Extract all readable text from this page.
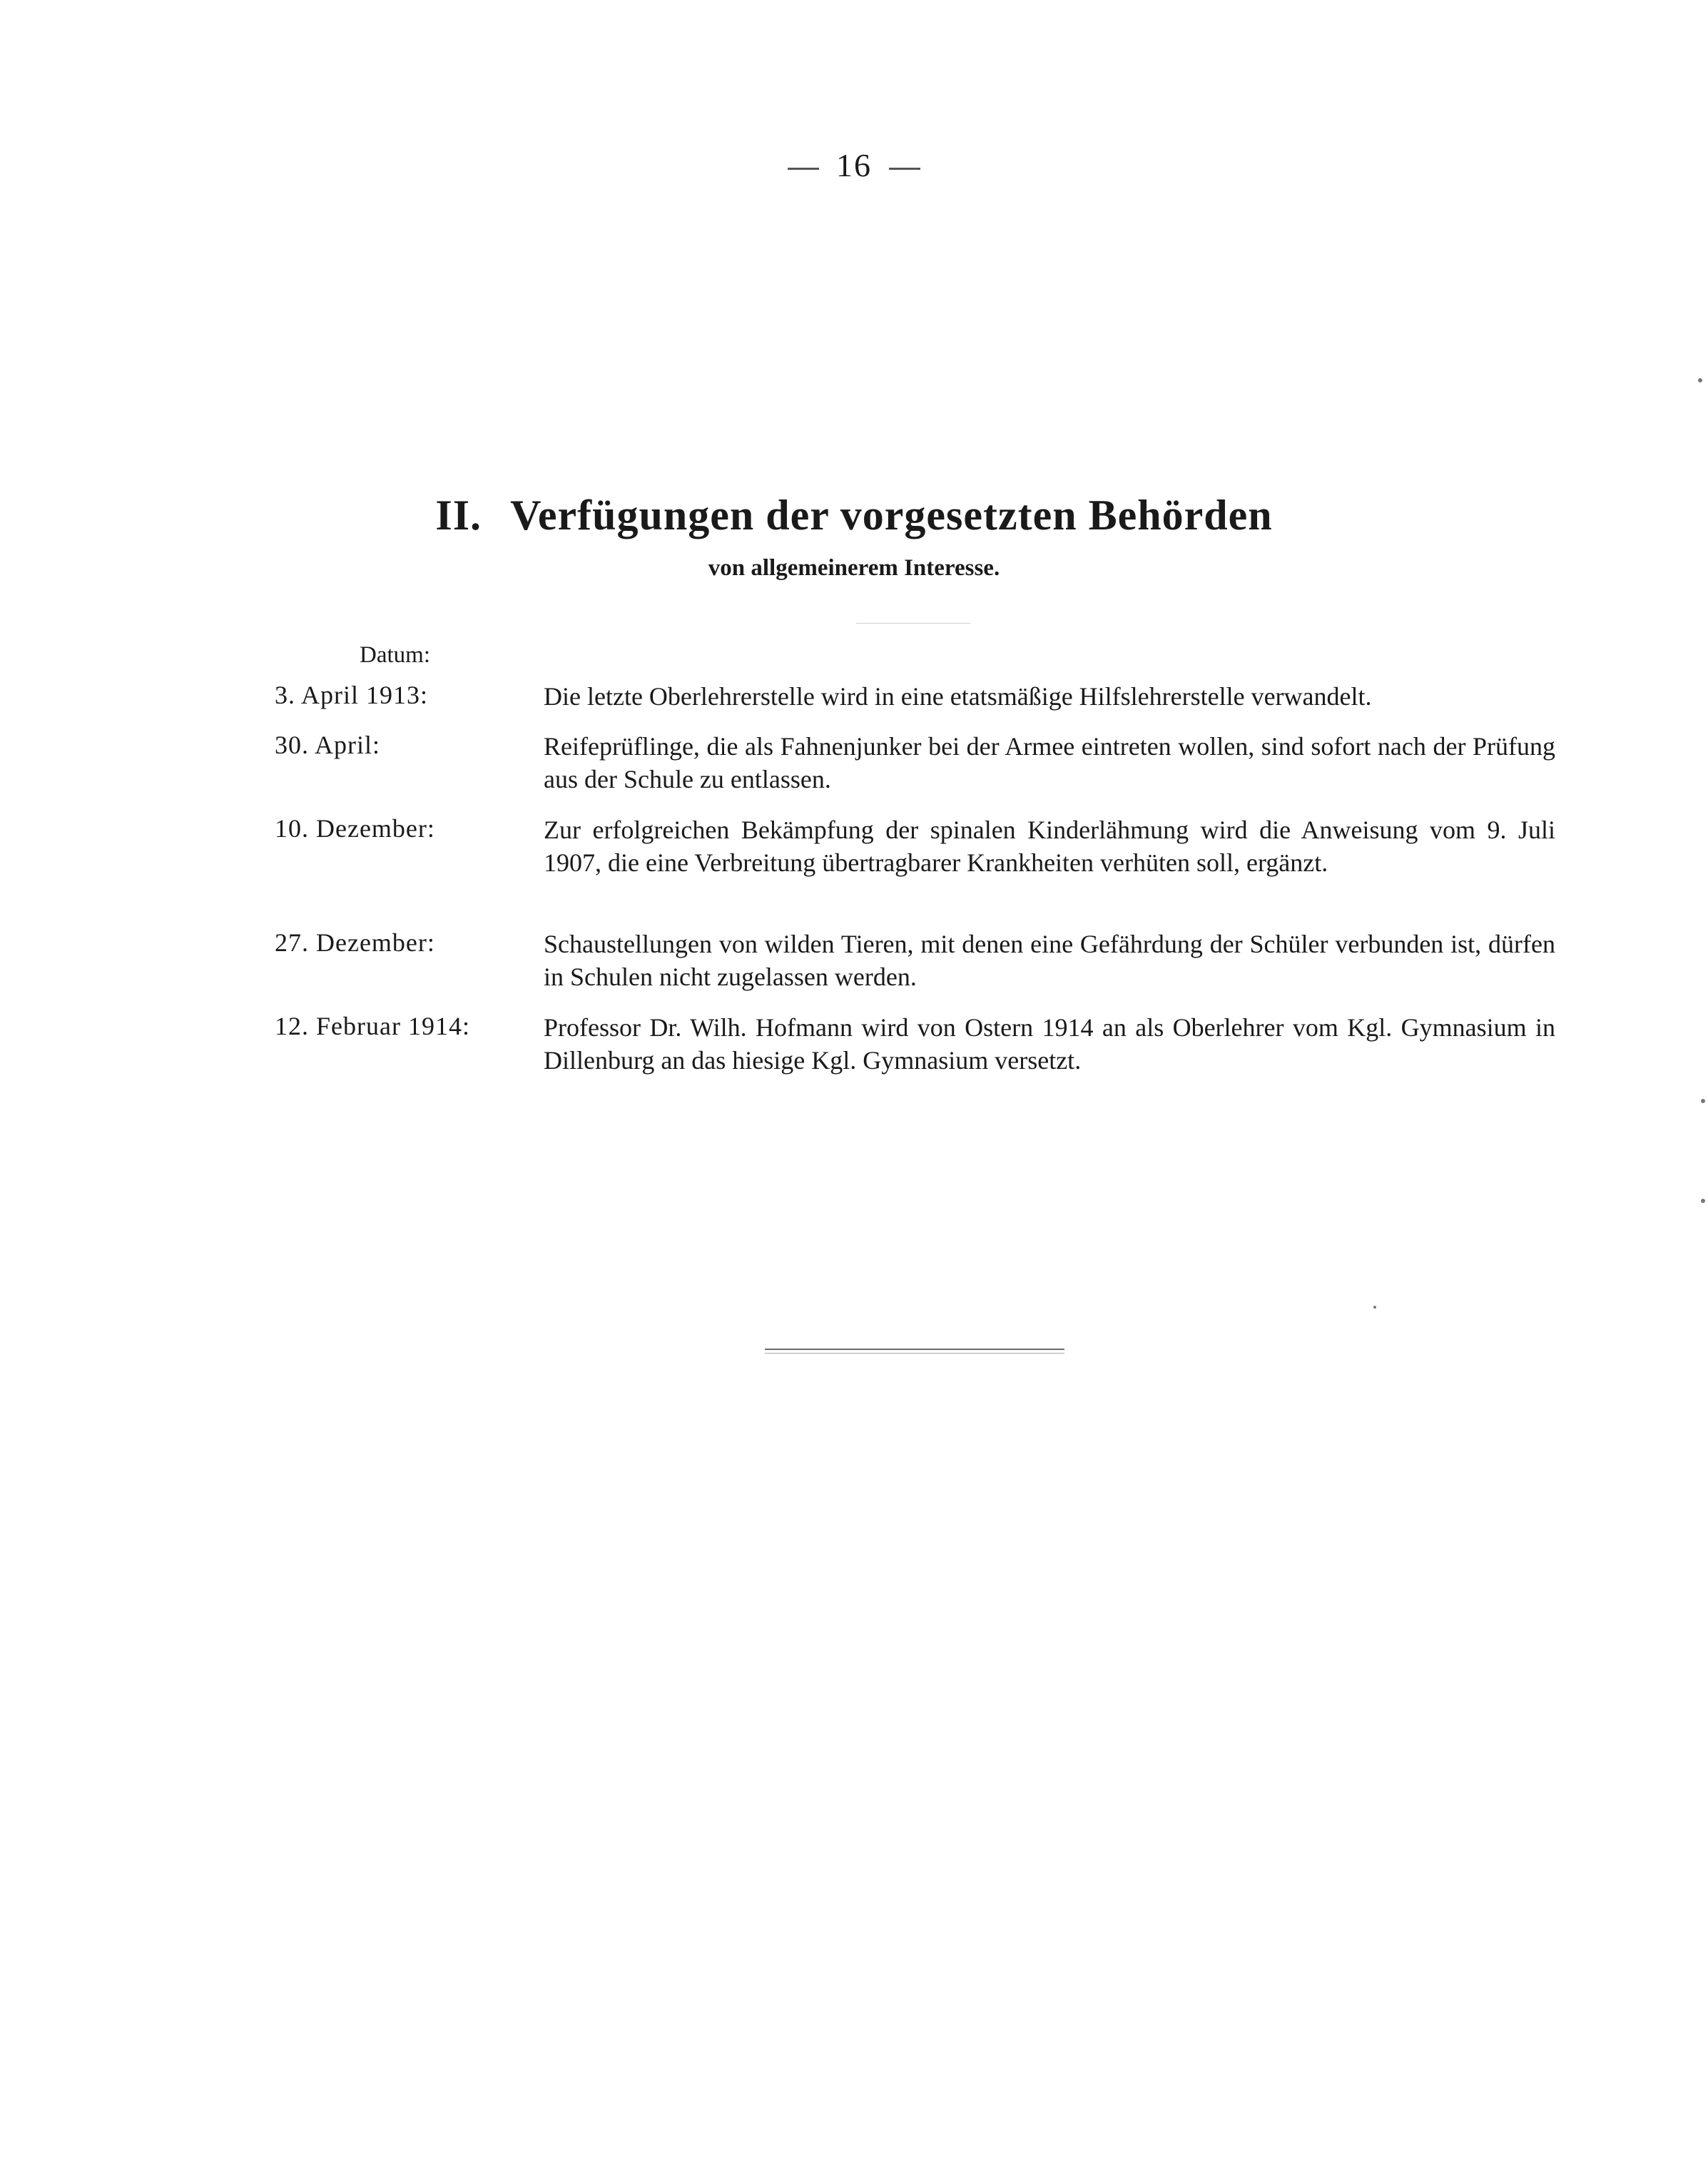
16
II. Verfügungen der vorgesetzten Behörden
von allgemeinerem Interesse.
Datum:
3. April 1913:	Die letzte Oberlehrerstelle wird in eine etatsmäßige Hilfslehrerstelle verwandelt.
30. April:	Reifeprüflinge, die als Fahnenjunker bei der Armee eintreten wollen, sind sofort nach der Prüfung aus der Schule zu entlassen.
10. Dezember:	Zur erfolgreichen Bekämpfung der spinalen Kinderlähmung wird die Anweisung vom 9. Juli 1907, die eine Verbreitung übertragbarer Krankheiten verhüten soll, ergänzt.
27. Dezember:	Schaustellungen von wilden Tieren, mit denen eine Gefährdung der Schüler verbunden ist, dürfen in Schulen nicht zugelassen werden.
12. Februar 1914:	Professor Dr. Wilh. Hofmann wird von Ostern 1914 an als Oberlehrer vom Kgl. Gymnasium in Dillenburg an das hiesige Kgl. Gymnasium versetzt.
